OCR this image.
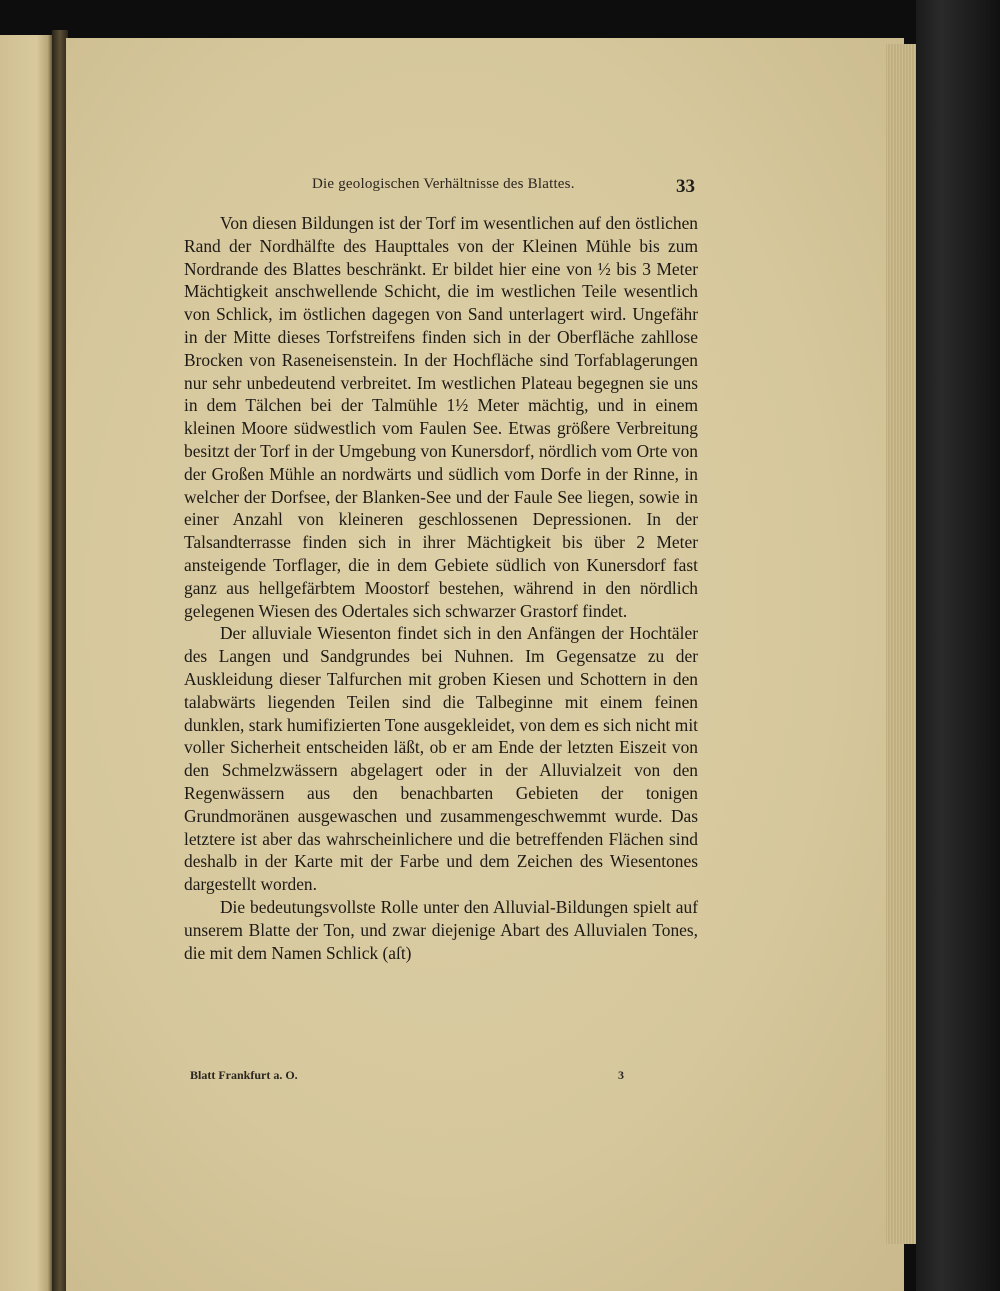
Die geologischen Verhältnisse des Blattes.	33

Von diesen Bildungen ist der Torf im wesentlichen auf den östlichen Rand der Nordhälfte des Haupttales von der Kleinen Mühle bis zum Nordrande des Blattes beschränkt. Er bildet hier eine von ½ bis 3 Meter Mächtigkeit anschwellende Schicht, die im westlichen Teile wesentlich von Schlick, im östlichen dagegen von Sand unterlagert wird. Ungefähr in der Mitte dieses Torfstreifens finden sich in der Oberfläche zahllose Brocken von Raseneisenstein. In der Hochfläche sind Torfablagerungen nur sehr unbedeutend verbreitet. Im westlichen Plateau begegnen sie uns in dem Tälchen bei der Talmühle 1½ Meter mächtig, und in einem kleinen Moore südwestlich vom Faulen See. Etwas größere Verbreitung besitzt der Torf in der Umgebung von Kunersdorf, nördlich vom Orte von der Großen Mühle an nordwärts und südlich vom Dorfe in der Rinne, in welcher der Dorfsee, der Blanken-See und der Faule See liegen, sowie in einer Anzahl von kleineren geschlossenen Depressionen. In der Talsandterrasse finden sich in ihrer Mächtigkeit bis über 2 Meter ansteigende Torflager, die in dem Gebiete südlich von Kunersdorf fast ganz aus hellgefärbtem Moostorf bestehen, während in den nördlich gelegenen Wiesen des Odertales sich schwarzer Grastorf findet.

Der alluviale Wiesenton findet sich in den Anfängen der Hochtäler des Langen und Sandgrundes bei Nuhnen. Im Gegensatze zu der Auskleidung dieser Talfurchen mit groben Kiesen und Schottern in den talabwärts liegenden Teilen sind die Talbeginne mit einem feinen dunklen, stark humifizierten Tone ausgekleidet, von dem es sich nicht mit voller Sicherheit entscheiden läßt, ob er am Ende der letzten Eiszeit von den Schmelzwässern abgelagert oder in der Alluvialzeit von den Regenwässern aus den benachbarten Gebieten der tonigen Grundmoränen ausgewaschen und zusammengeschwemmt wurde. Das letztere ist aber das wahrscheinlichere und die betreffenden Flächen sind deshalb in der Karte mit der Farbe und dem Zeichen des Wiesentones dargestellt worden.

Die bedeutungsvollste Rolle unter den Alluvial-Bildungen spielt auf unserem Blatte der Ton, und zwar diejenige Abart des Alluvialen Tones, die mit dem Namen Schlick (aſt)

Blatt Frankfurt a. O.	3
